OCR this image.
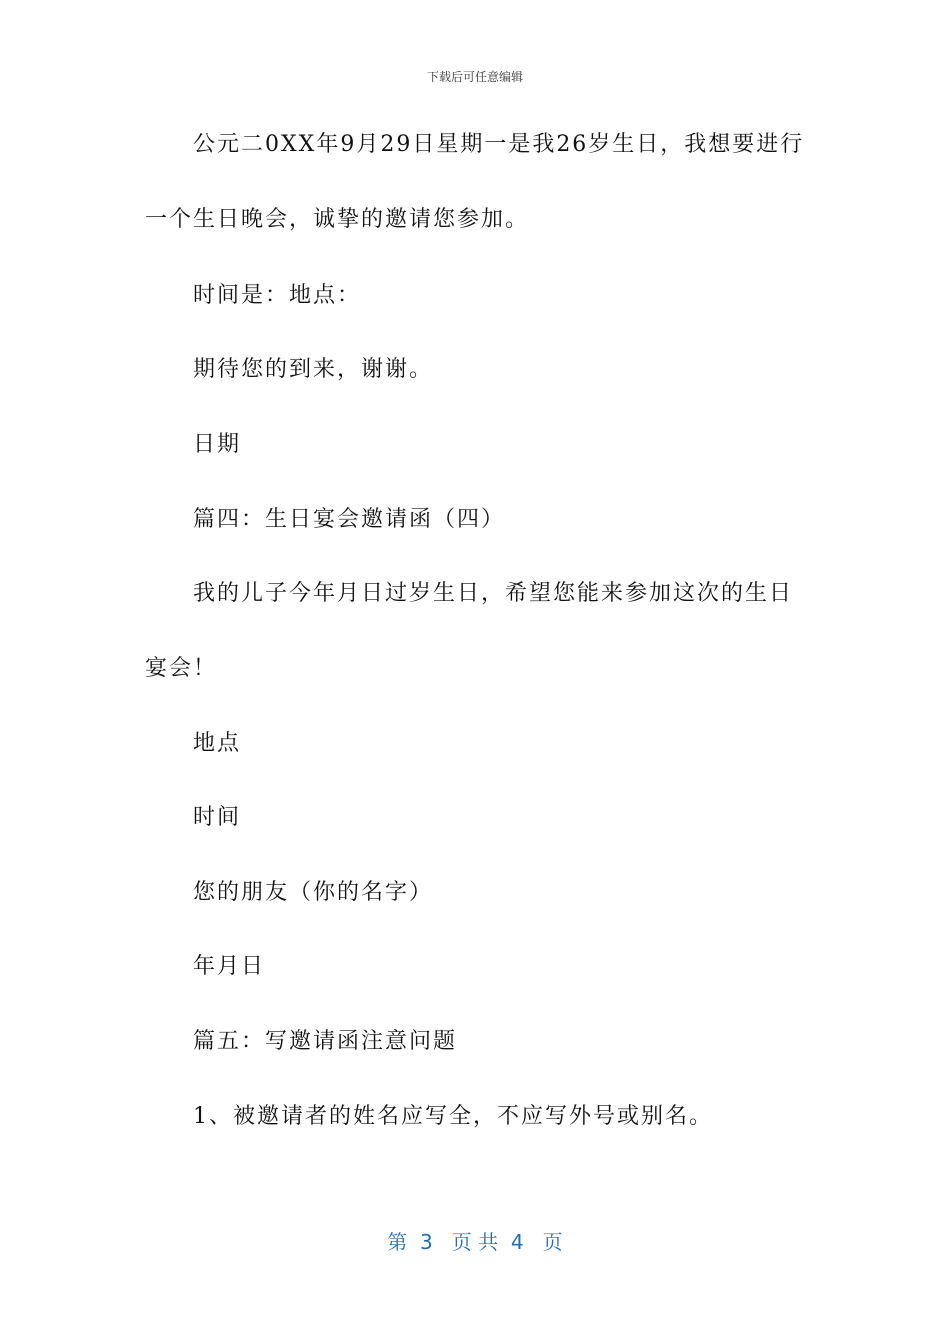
下载后可任意编辑
公元二0XX年9月29日星期一是我26岁生日，我想要进行
一个生日晚会，诚挚的邀请您参加。
时间是：地点：
期待您的到来，谢谢。
日期
篇四：生日宴会邀请函（四）
我的儿子今年月日过岁生日，希望您能来参加这次的生日
宴会！
地点
时间
您的朋友（你的名字）
年月日
篇五：写邀请函注意问题
1、被邀请者的姓名应写全，不应写外号或别名。
第  3   页 共  4   页
